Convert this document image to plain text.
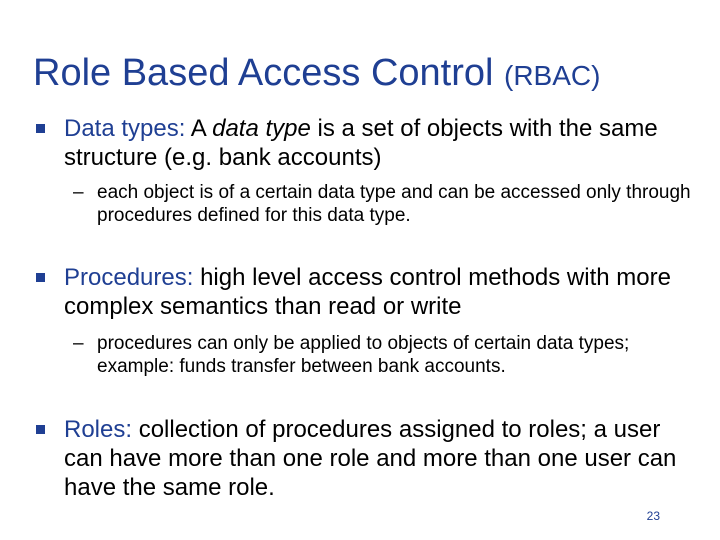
Role Based Access Control (RBAC)
Data types: A data type is a set of objects with the same structure (e.g. bank accounts)
– each object is of a certain data type and can be accessed only through procedures defined for this data type.
Procedures: high level access control methods with more complex semantics than read or write
– procedures can only be applied to objects of certain data types; example: funds transfer between bank accounts.
Roles: collection of procedures assigned to roles; a user can have more than one role and more than one user can have the same role.
23
